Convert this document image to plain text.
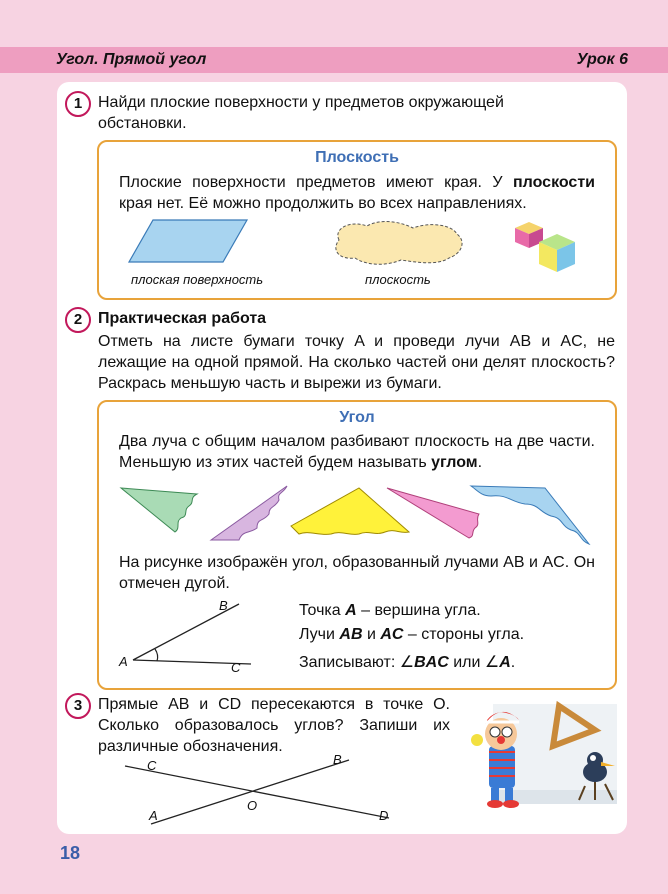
Угол. Прямой угол	Урок 6
1 Найди плоские поверхности у предметов окружающей обстановки.
Плоскость
Плоские поверхности предметов имеют края. У плоскости края нет. Её можно продолжить во всех направлениях.
плоская поверхность	плоскость
2 Практическая работа
Отметь на листе бумаги точку A и проведи лучи AB и AC, не лежащие на одной прямой. На сколько частей они делят плоскость? Раскрась меньшую часть и вырежи из бумаги.
Угол
Два луча с общим началом разбивают плоскость на две части. Меньшую из этих частей будем называть углом.
На рисунке изображён угол, образованный лучами AB и AC. Он отмечен дугой.
A
B
C
Точка A – вершина угла.
Лучи AB и AC – стороны угла.
Записывают: ∠BAC или ∠A.
3 Прямые AB и CD пересекаются в точке O. Сколько образовалось углов? Запиши их различные обозначения.
C	B
O
A	D
18
